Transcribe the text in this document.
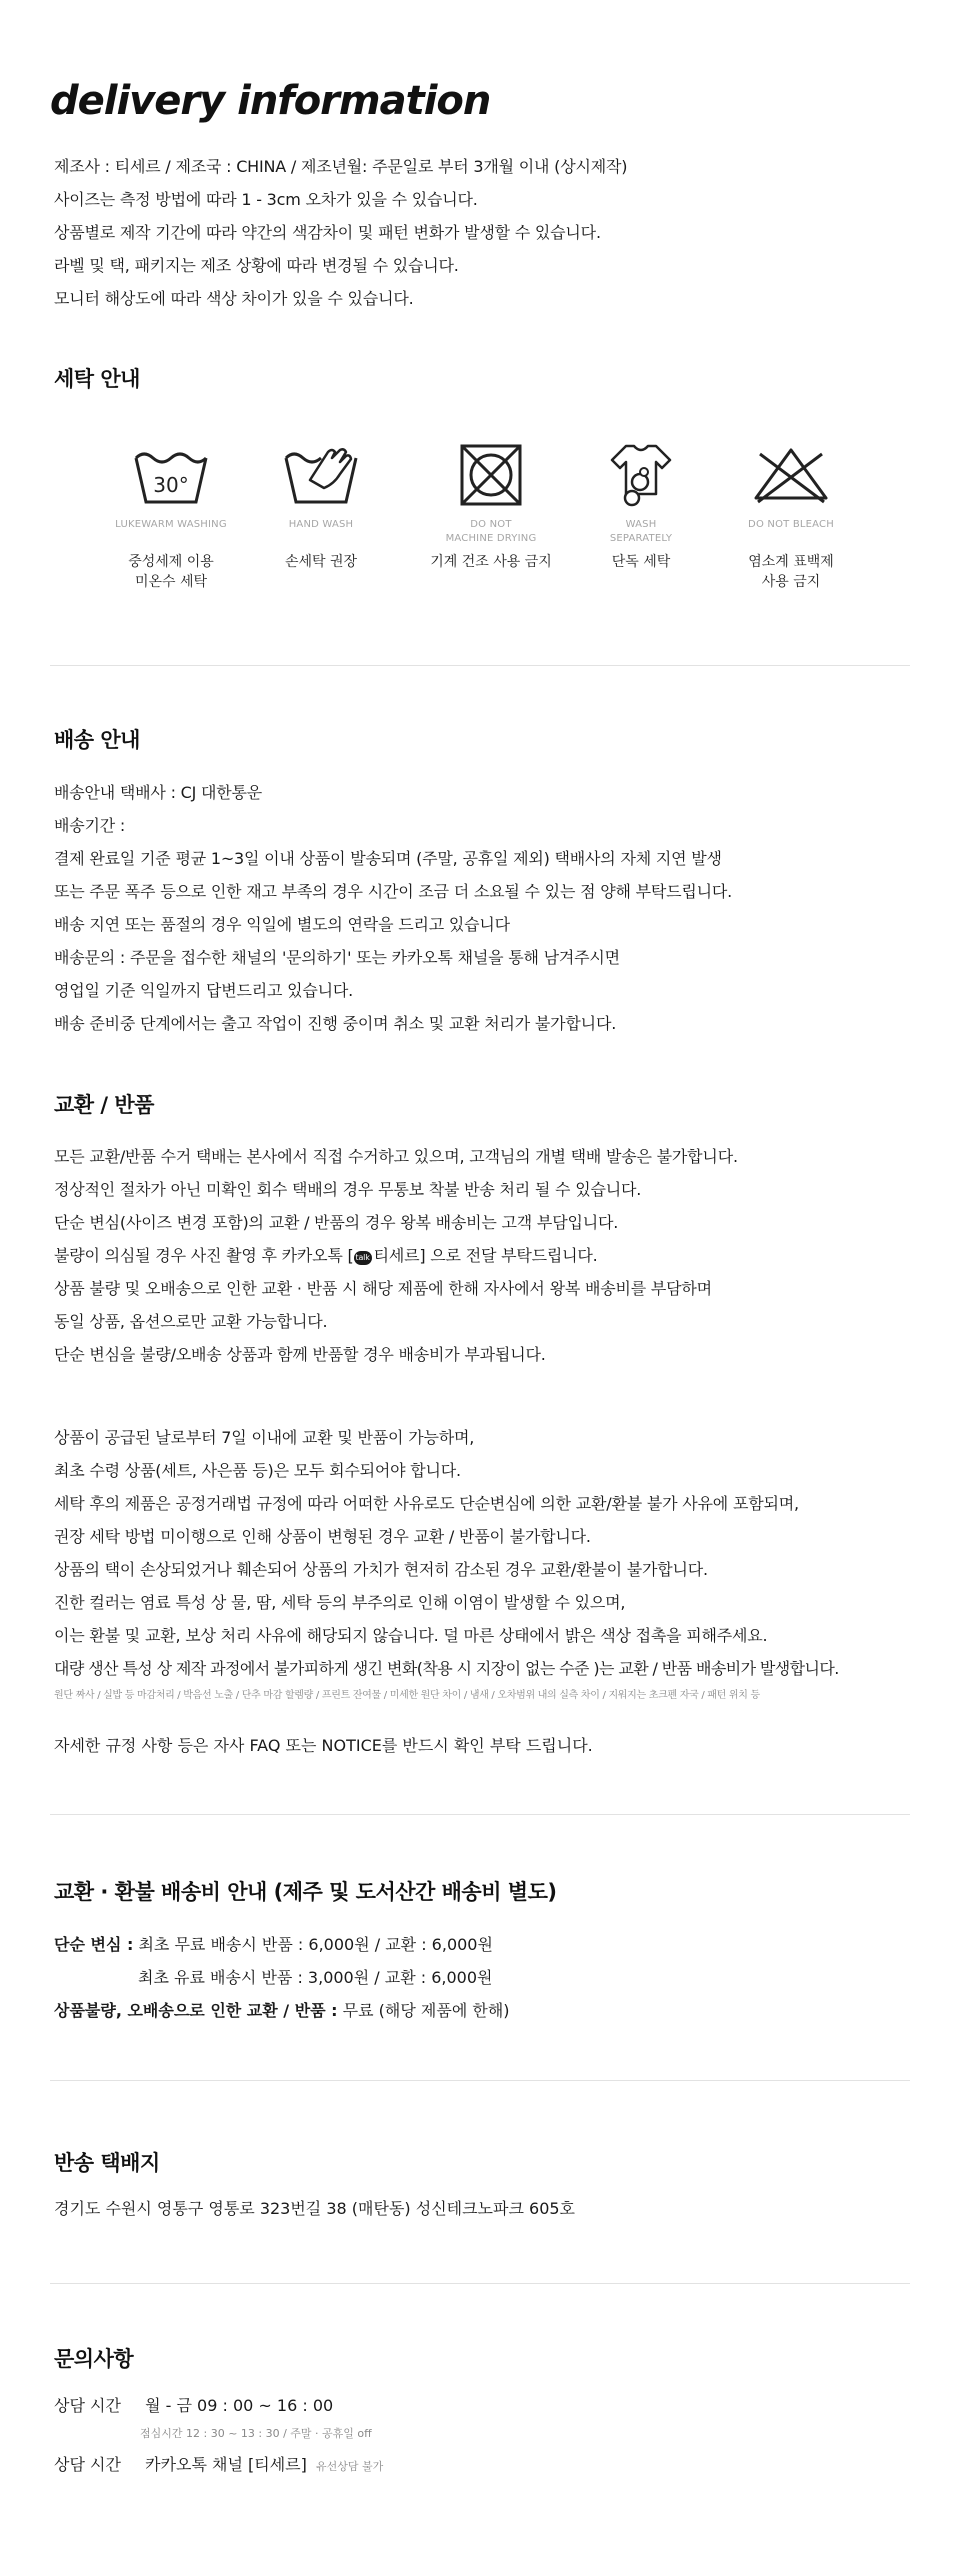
delivery information
제조사 : 티세르 / 제조국 : CHINA / 제조년월: 주문일로 부터 3개월 이내 (상시제작)
사이즈는 측정 방법에 따라 1 - 3cm 오차가 있을 수 있습니다.
상품별로 제작 기간에 따라 약간의 색감차이 및 패턴 변화가 발생할 수 있습니다.
라벨 및 택, 패키지는 제조 상황에 따라 변경될 수 있습니다.
모니터 해상도에 따라 색상 차이가 있을 수 있습니다.
세탁 안내
30°
LUKEWARM WASHING
중성세제 이용
미온수 세탁
HAND WASH
손세탁 권장
DO NOT
MACHINE DRYING
기계 건조 사용 금지
WASH
SEPARATELY
단독 세탁
DO NOT BLEACH
염소계 표백제
사용 금지
배송 안내
배송안내 택배사 : CJ 대한통운
배송기간 :
결제 완료일 기준 평균 1~3일 이내 상품이 발송되며 (주말, 공휴일 제외) 택배사의 자체 지연 발생
또는 주문 폭주 등으로 인한 재고 부족의 경우 시간이 조금 더 소요될 수 있는 점 양해 부탁드립니다.
배송 지연 또는 품절의 경우 익일에 별도의 연락을 드리고 있습니다
배송문의 : 주문을 접수한 채널의 '문의하기' 또는 카카오톡 채널을 통해 남겨주시면
영업일 기준 익일까지 답변드리고 있습니다.
배송 준비중 단계에서는 출고 작업이 진행 중이며 취소 및 교환 처리가 불가합니다.
교환 / 반품
모든 교환/반품 수거 택배는 본사에서 직접 수거하고 있으며, 고객님의 개별 택배 발송은 불가합니다.
정상적인 절차가 아닌 미확인 회수 택배의 경우 무통보 착불 반송 처리 될 수 있습니다.
단순 변심(사이즈 변경 포함)의 교환 / 반품의 경우 왕복 배송비는 고객 부담입니다.
불량이 의심될 경우 사진 촬영 후 카카오톡 [ talk 티세르] 으로 전달 부탁드립니다.
상품 불량 및 오배송으로 인한 교환 · 반품 시 해당 제품에 한해 자사에서 왕복 배송비를 부담하며
동일 상품, 옵션으로만 교환 가능합니다.
단순 변심을 불량/오배송 상품과 함께 반품할 경우 배송비가 부과됩니다.
상품이 공급된 날로부터 7일 이내에 교환 및 반품이 가능하며,
최초 수령 상품(세트, 사은품 등)은 모두 회수되어야 합니다.
세탁 후의 제품은 공정거래법 규정에 따라 어떠한 사유로도 단순변심에 의한 교환/환불 불가 사유에 포함되며,
권장 세탁 방법 미이행으로 인해 상품이 변형된 경우 교환 / 반품이 불가합니다.
상품의 택이 손상되었거나 훼손되어 상품의 가치가 현저히 감소된 경우 교환/환불이 불가합니다.
진한 컬러는 염료 특성 상 물, 땀, 세탁 등의 부주의로 인해 이염이 발생할 수 있으며,
이는 환불 및 교환, 보상 처리 사유에 해당되지 않습니다. 덜 마른 상태에서 밝은 색상 접촉을 피해주세요.
대량 생산 특성 상 제작 과정에서 불가피하게 생긴 변화(착용 시 지장이 없는 수준 )는 교환 / 반품 배송비가 발생합니다.
원단 짜사 / 실밥 등 마감처리 / 박음선 노출 / 단추 마감 할렘량 / 프린트 잔여물 / 미세한 원단 차이 / 냄새 / 오차범위 내의 실측 차이 / 지워지는 초크펜 자국 / 패턴 위치 등
자세한 규정 사항 등은 자사 FAQ 또는 NOTICE를 반드시 확인 부탁 드립니다.
교환 · 환불 배송비 안내 (제주 및 도서산간 배송비 별도)
단순 변심 : 최초 무료 배송시 반품 : 6,000원 / 교환 : 6,000원
최초 유료 배송시 반품 : 3,000원 / 교환 : 6,000원
상품불량, 오배송으로 인한 교환 / 반품 : 무료 (해당 제품에 한해)
반송 택배지
경기도 수원시 영통구 영통로 323번길 38 (매탄동) 성신테크노파크 605호
문의사항
상담 시간 월 - 금 09 : 00 ~ 16 : 00
점심시간 12 : 30 ~ 13 : 30 / 주말 · 공휴일 off
상담 시간 카카오톡 채널 [티세르] 유선상담 불가
